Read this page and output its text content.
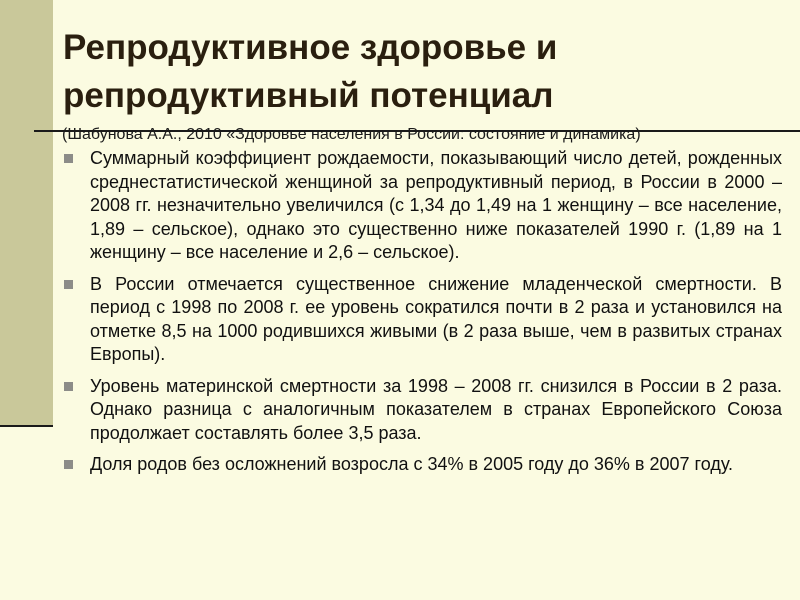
Репродуктивное здоровье и
репродуктивный потенциал
(Шабунова А.А., 2010 «Здоровье населения в России: состояние и динамика)
Суммарный коэффициент рождаемости, показывающий число детей, рожденных среднестатистической женщиной за репродуктивный период, в России в 2000 – 2008 гг. незначительно увеличился (с 1,34 до 1,49 на 1 женщину – все население, 1,89 – сельское), однако это существенно ниже показателей 1990 г. (1,89 на 1 женщину – все население и 2,6 – сельское).
В России отмечается существенное снижение младенческой смертности. В период с 1998 по 2008 г. ее уровень сократился почти в 2 раза и установился на отметке 8,5 на 1000 родившихся живыми (в 2 раза выше, чем в развитых странах Европы).
Уровень материнской смертности за 1998 – 2008 гг. снизился в России в 2 раза. Однако разница с аналогичным показателем в странах Европейского Союза продолжает составлять более 3,5 раза.
Доля родов без осложнений возросла с 34% в 2005 году до 36% в 2007 году.
